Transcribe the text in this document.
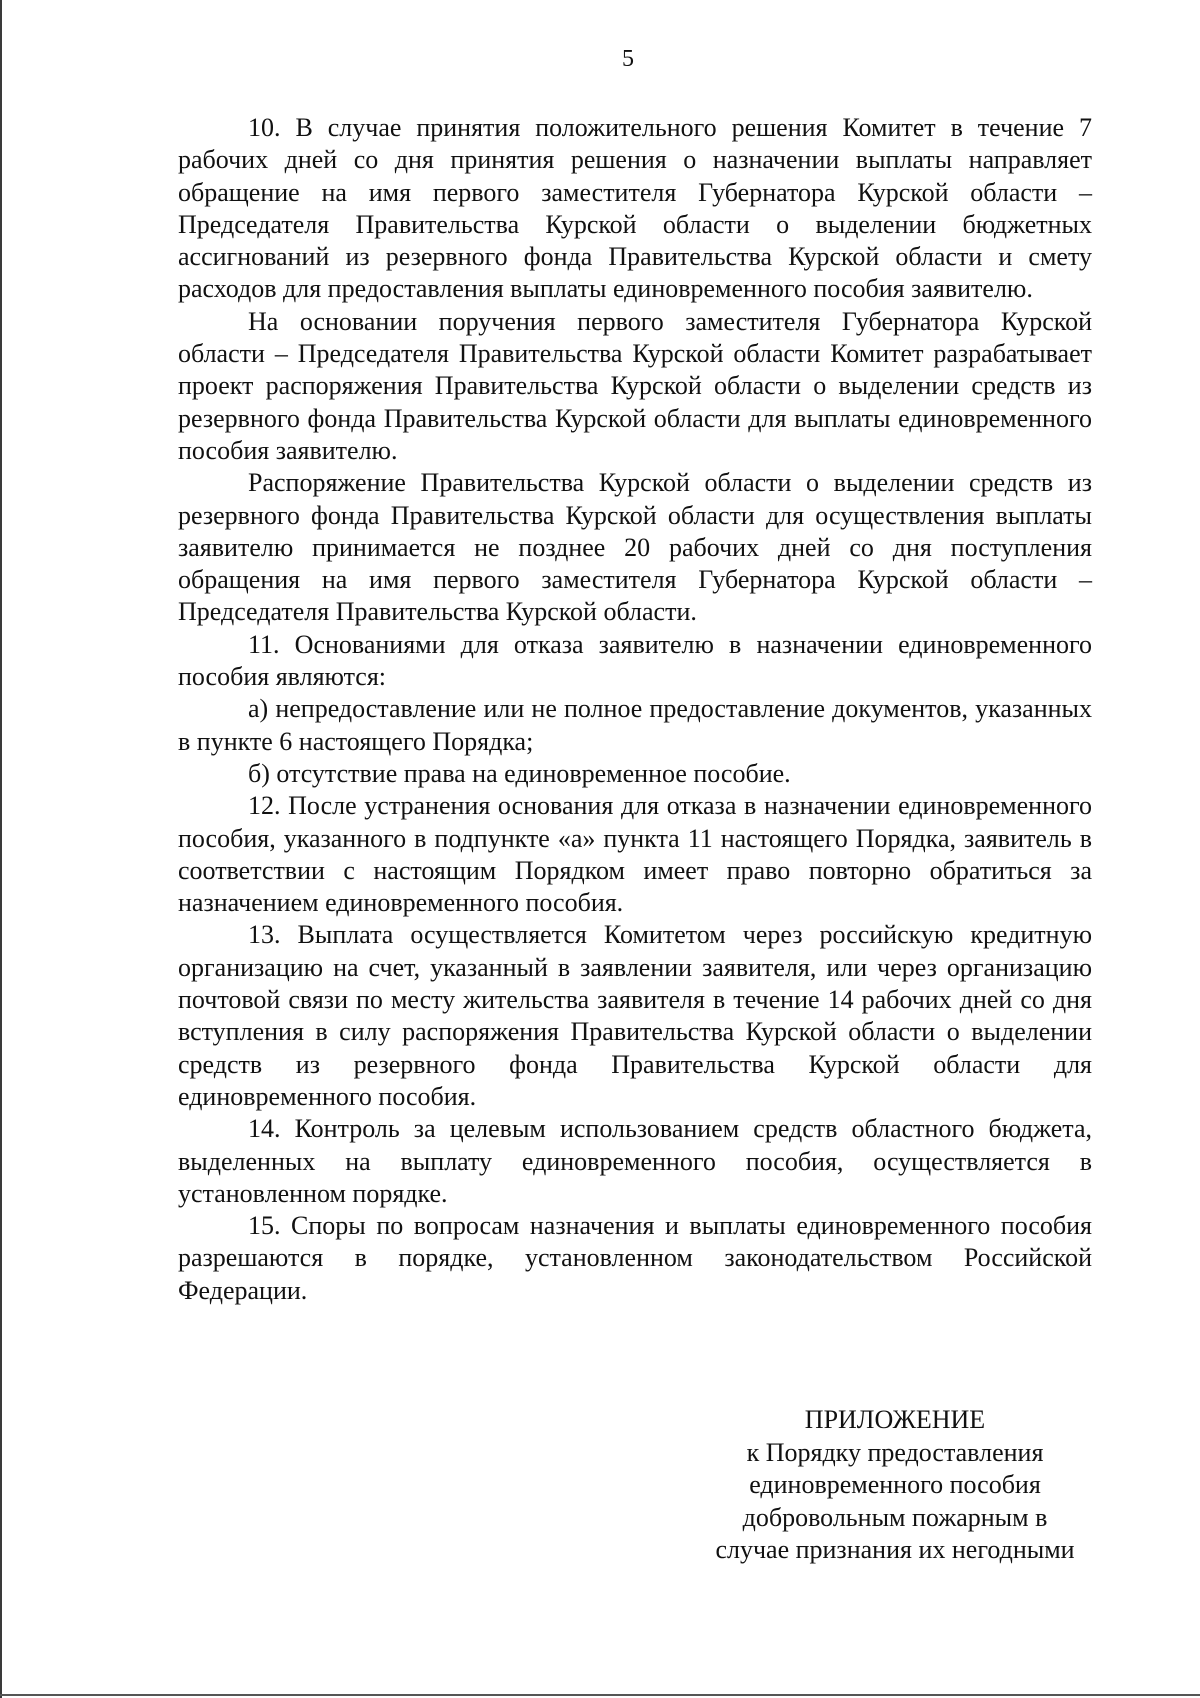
5

10. В случае принятия положительного решения Комитет в течение 7 рабочих дней со дня принятия решения о назначении выплаты направляет обращение на имя первого заместителя Губернатора Курской области – Председателя Правительства Курской области о выделении бюджетных ассигнований из резервного фонда Правительства Курской области и смету расходов для предоставления выплаты единовременного пособия заявителю.

На основании поручения первого заместителя Губернатора Курской области – Председателя Правительства Курской области Комитет разрабатывает проект распоряжения Правительства Курской области о выделении средств из резервного фонда Правительства Курской области для выплаты единовременного пособия заявителю.

Распоряжение Правительства Курской области о выделении средств из резервного фонда Правительства Курской области для осуществления выплаты заявителю принимается не позднее 20 рабочих дней со дня поступления обращения на имя первого заместителя Губернатора Курской области – Председателя Правительства Курской области.

11. Основаниями для отказа заявителю в назначении единовременного пособия являются:

а) непредоставление или не полное предоставление документов, указанных в пункте 6 настоящего Порядка;

б) отсутствие права на единовременное пособие.

12. После устранения основания для отказа в назначении единовременного пособия, указанного в подпункте «а» пункта 11 настоящего Порядка, заявитель в соответствии с настоящим Порядком имеет право повторно обратиться за назначением единовременного пособия.

13. Выплата осуществляется Комитетом через российскую кредитную организацию на счет, указанный в заявлении заявителя, или через организацию почтовой связи по месту жительства заявителя в течение 14 рабочих дней со дня вступления в силу распоряжения Правительства Курской области о выделении средств из резервного фонда Правительства Курской области для единовременного пособия.

14. Контроль за целевым использованием средств областного бюджета, выделенных на выплату единовременного пособия, осуществляется в установленном порядке.

15. Споры по вопросам назначения и выплаты единовременного пособия разрешаются в порядке, установленном законодательством Российской Федерации.

ПРИЛОЖЕНИЕ
к Порядку предоставления
единовременного пособия
добровольным пожарным в
случае признания их негодными
